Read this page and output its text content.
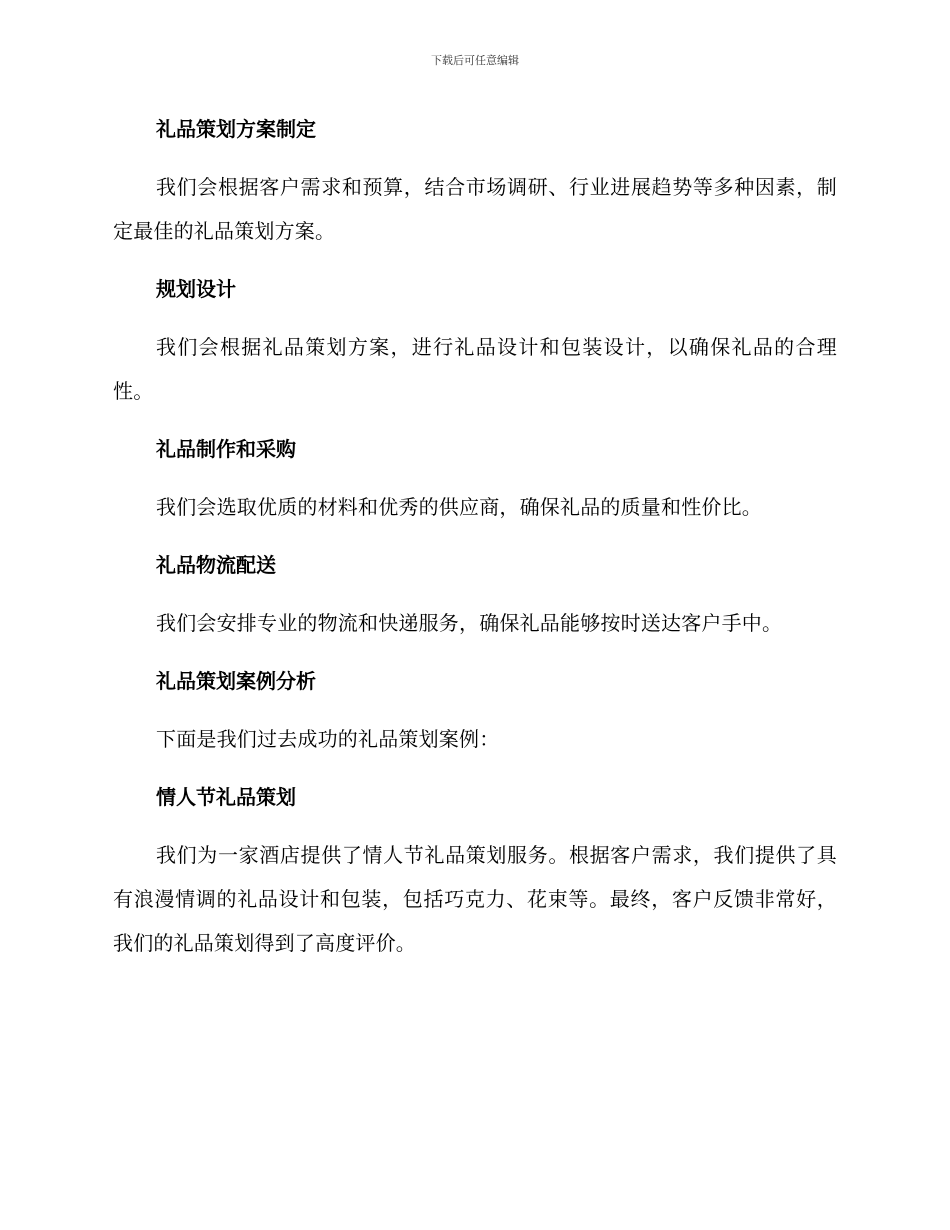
下载后可任意编辑

礼品策划方案制定

我们会根据客户需求和预算，结合市场调研、行业进展趋势等多种因素，制定最佳的礼品策划方案。

规划设计

我们会根据礼品策划方案，进行礼品设计和包装设计，以确保礼品的合理性。

礼品制作和采购

我们会选取优质的材料和优秀的供应商，确保礼品的质量和性价比。

礼品物流配送

我们会安排专业的物流和快递服务，确保礼品能够按时送达客户手中。

礼品策划案例分析

下面是我们过去成功的礼品策划案例：

情人节礼品策划

我们为一家酒店提供了情人节礼品策划服务。根据客户需求，我们提供了具有浪漫情调的礼品设计和包装，包括巧克力、花束等。最终，客户反馈非常好，我们的礼品策划得到了高度评价。
